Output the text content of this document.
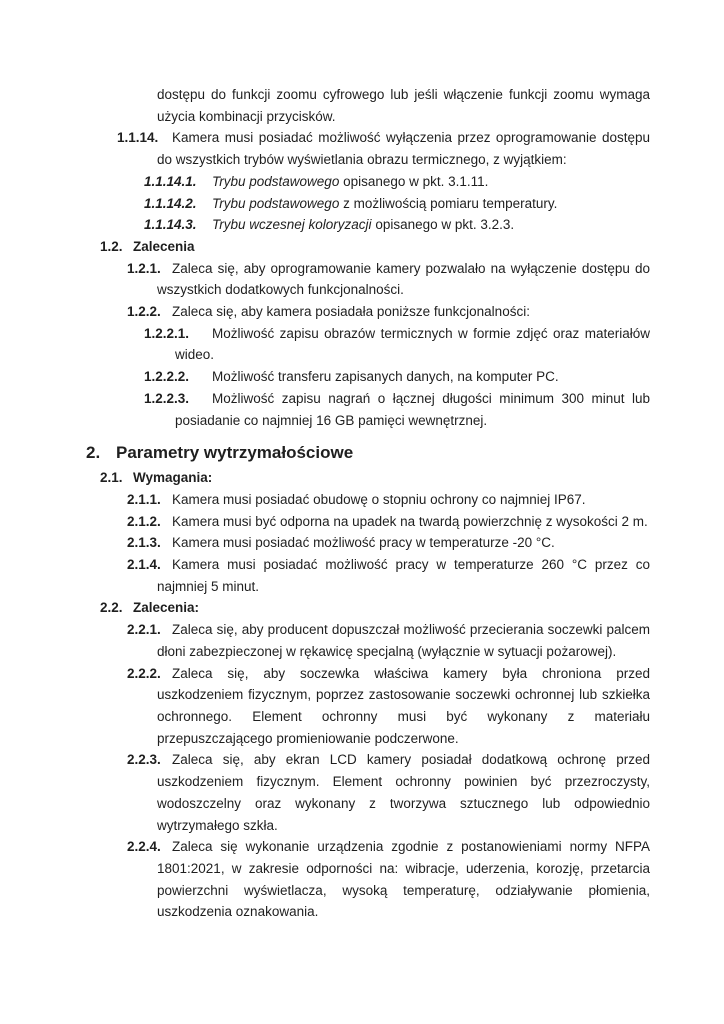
dostępu do funkcji zoomu cyfrowego lub jeśli włączenie funkcji zoomu wymaga użycia kombinacji przycisków.
1.1.14. Kamera musi posiadać możliwość wyłączenia przez oprogramowanie dostępu do wszystkich trybów wyświetlania obrazu termicznego, z wyjątkiem:
1.1.14.1. Trybu podstawowego opisanego w pkt. 3.1.11.
1.1.14.2. Trybu podstawowego z możliwością pomiaru temperatury.
1.1.14.3. Trybu wczesnej koloryzacji opisanego w pkt. 3.2.3.
1.2. Zalecenia
1.2.1. Zaleca się, aby oprogramowanie kamery pozwalało na wyłączenie dostępu do wszystkich dodatkowych funkcjonalności.
1.2.2. Zaleca się, aby kamera posiadała poniższe funkcjonalności:
1.2.2.1. Możliwość zapisu obrazów termicznych w formie zdjęć oraz materiałów wideo.
1.2.2.2. Możliwość transferu zapisanych danych, na komputer PC.
1.2.2.3. Możliwość zapisu nagrań o łącznej długości minimum 300 minut lub posiadanie co najmniej 16 GB pamięci wewnętrznej.
2. Parametry wytrzymałościowe
2.1. Wymagania:
2.1.1. Kamera musi posiadać obudowę o stopniu ochrony co najmniej IP67.
2.1.2. Kamera musi być odporna na upadek na twardą powierzchnię z wysokości 2 m.
2.1.3. Kamera musi posiadać możliwość pracy w temperaturze -20 °C.
2.1.4. Kamera musi posiadać możliwość pracy w temperaturze 260 °C przez co najmniej 5 minut.
2.2. Zalecenia:
2.2.1. Zaleca się, aby producent dopuszczał możliwość przecierania soczewki palcem dłoni zabezpieczonej w rękawicę specjalną (wyłącznie w sytuacji pożarowej).
2.2.2. Zaleca się, aby soczewka właściwa kamery była chroniona przed uszkodzeniem fizycznym, poprzez zastosowanie soczewki ochronnej lub szkiełka ochronnego. Element ochronny musi być wykonany z materiału przepuszczającego promieniowanie podczerwone.
2.2.3. Zaleca się, aby ekran LCD kamery posiadał dodatkową ochronę przed uszkodzeniem fizycznym. Element ochronny powinien być przezroczysty, wodoszczelny oraz wykonany z tworzywa sztucznego lub odpowiednio wytrzymałego szkła.
2.2.4. Zaleca się wykonanie urządzenia zgodnie z postanowieniami normy NFPA 1801:2021, w zakresie odporności na: wibracje, uderzenia, korozję, przetarcia powierzchni wyświetlacza, wysoką temperaturę, odziaływanie płomienia, uszkodzenia oznakowania.
